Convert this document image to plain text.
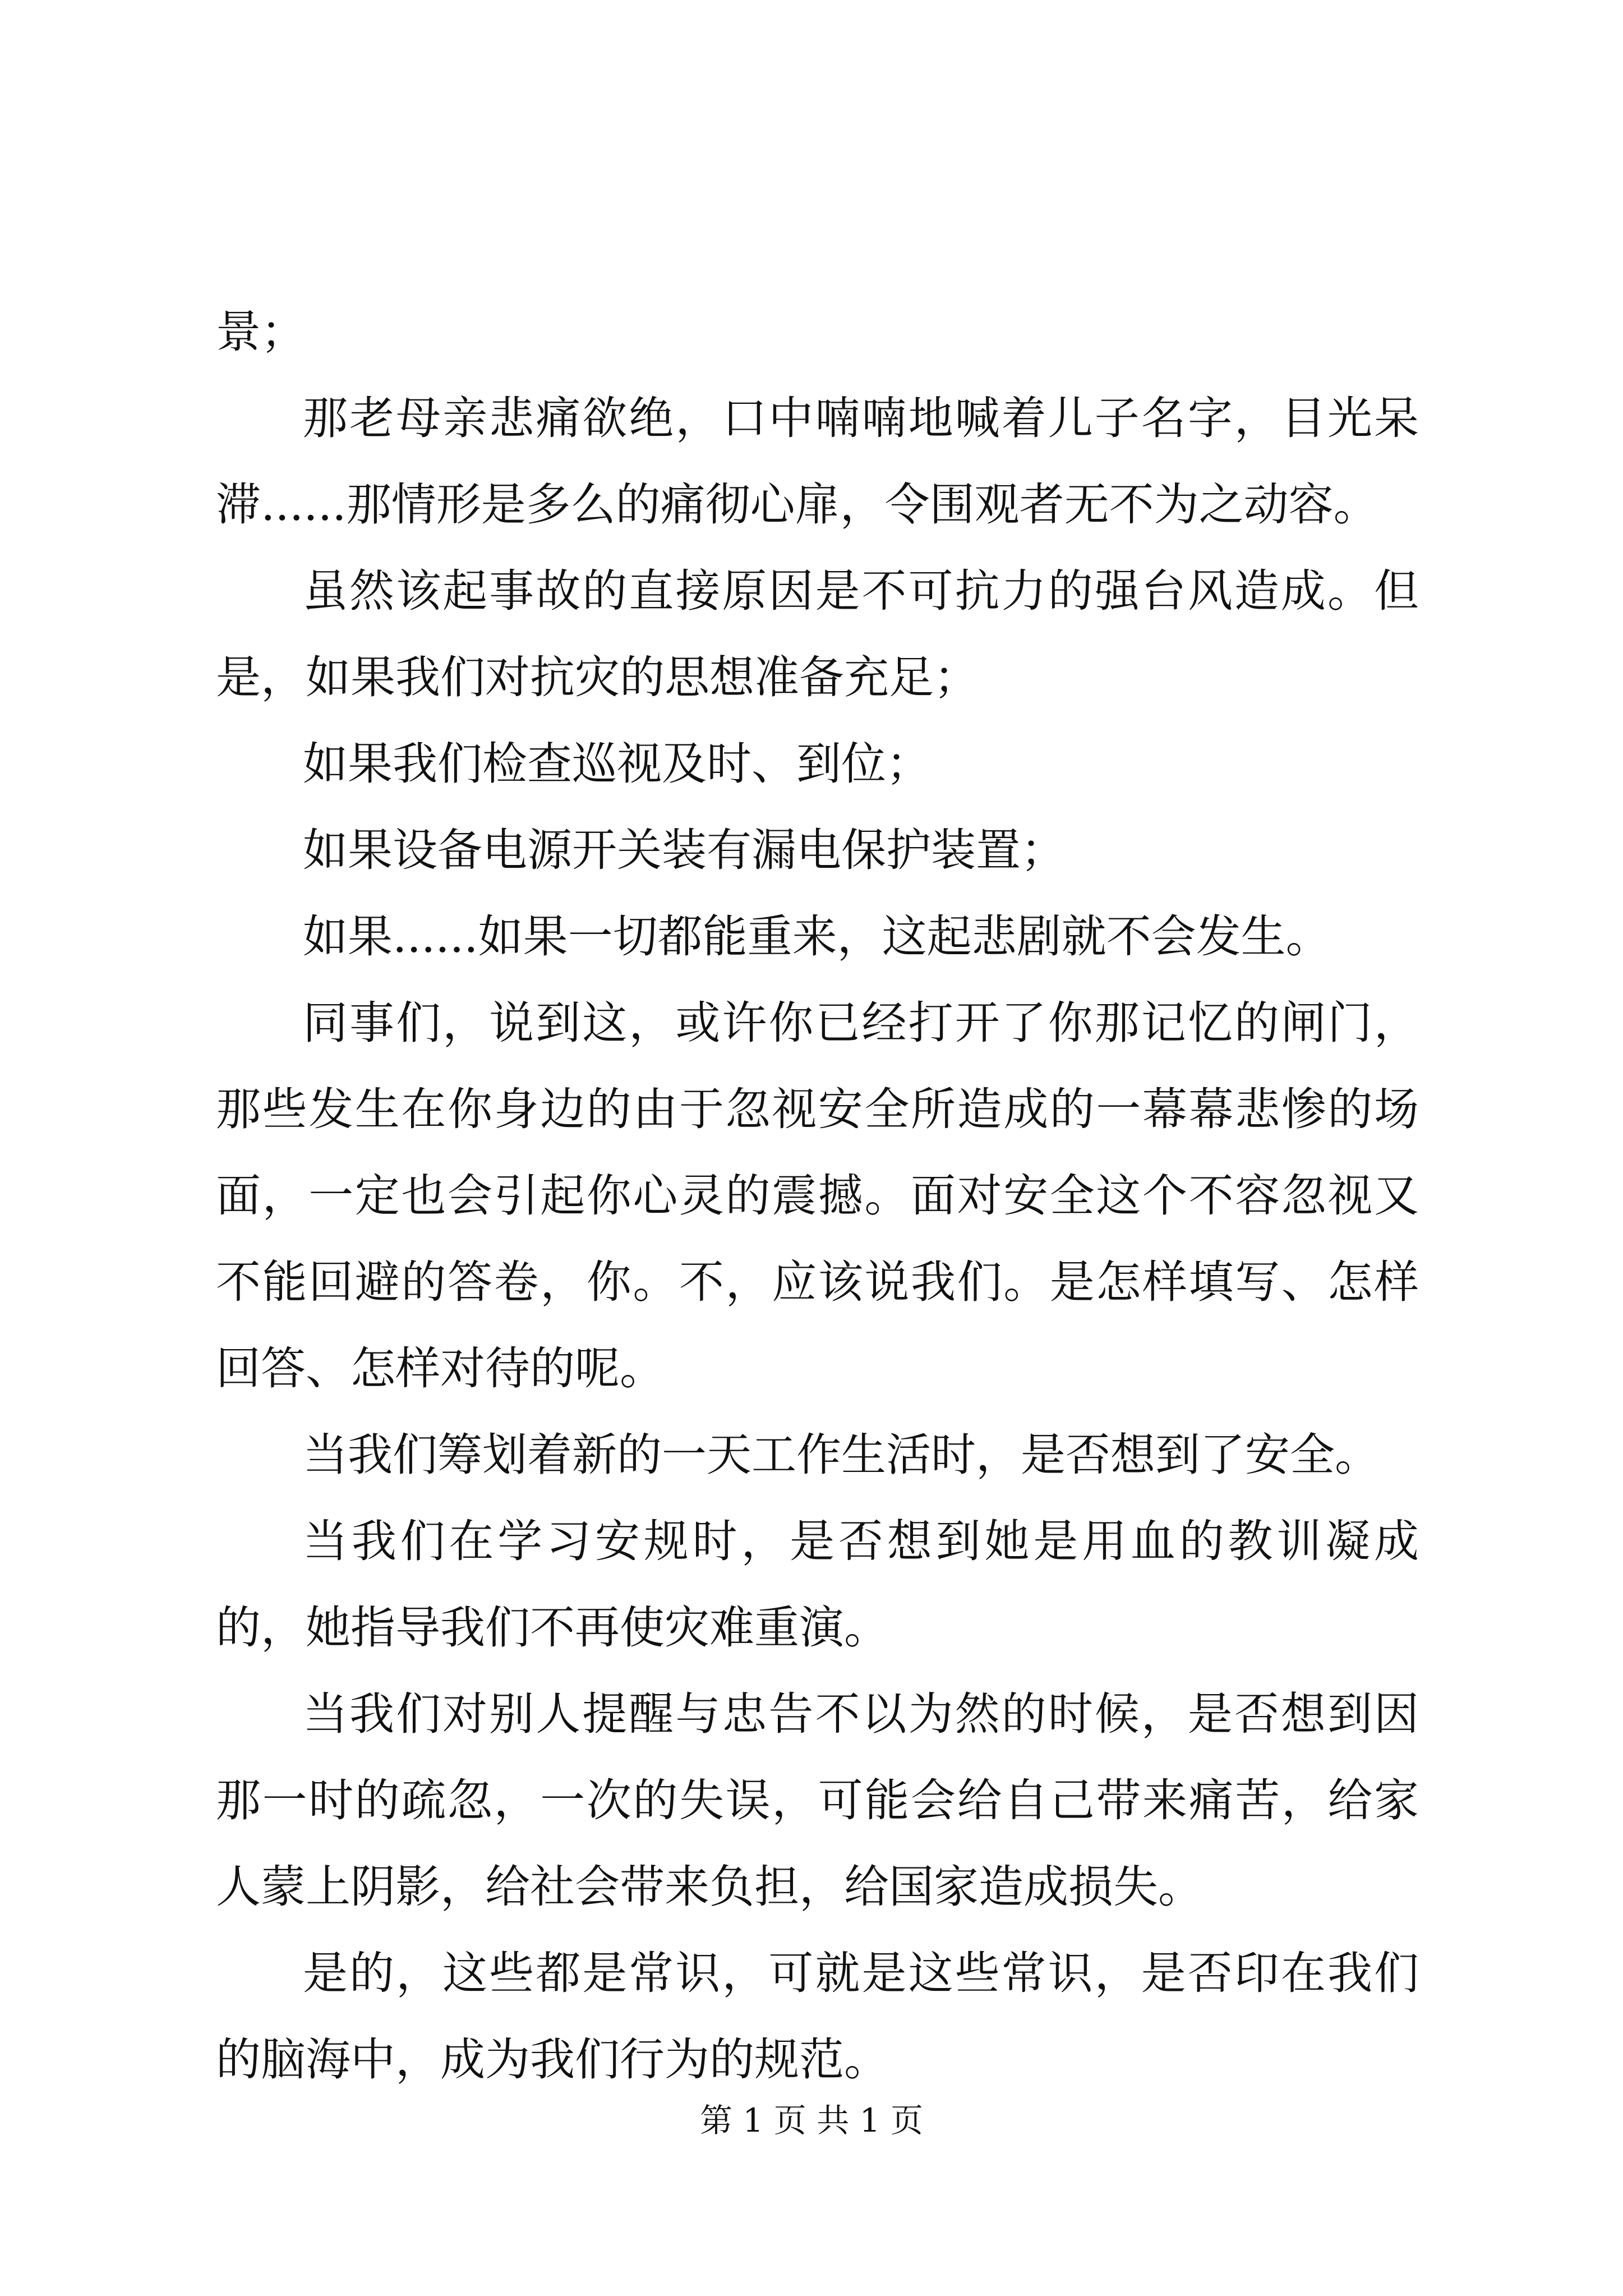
景；

那老母亲悲痛欲绝，口中喃喃地喊着儿子名字，目光呆滞......那情形是多么的痛彻心扉，令围观者无不为之动容。

虽然该起事故的直接原因是不可抗力的强台风造成。但是，如果我们对抗灾的思想准备充足；

如果我们检查巡视及时、到位；

如果设备电源开关装有漏电保护装置；

如果......如果一切都能重来，这起悲剧就不会发生。

同事们，说到这，或许你已经打开了你那记忆的闸门，那些发生在你身边的由于忽视安全所造成的一幕幕悲惨的场面，一定也会引起你心灵的震撼。面对安全这个不容忽视又不能回避的答卷，你。不，应该说我们。是怎样填写、怎样回答、怎样对待的呢。

当我们筹划着新的一天工作生活时，是否想到了安全。

当我们在学习安规时，是否想到她是用血的教训凝成的，她指导我们不再使灾难重演。

当我们对别人提醒与忠告不以为然的时候，是否想到因那一时的疏忽，一次的失误，可能会给自己带来痛苦，给家人蒙上阴影，给社会带来负担，给国家造成损失。

是的，这些都是常识，可就是这些常识，是否印在我们的脑海中，成为我们行为的规范。

第 1 页 共 1 页
